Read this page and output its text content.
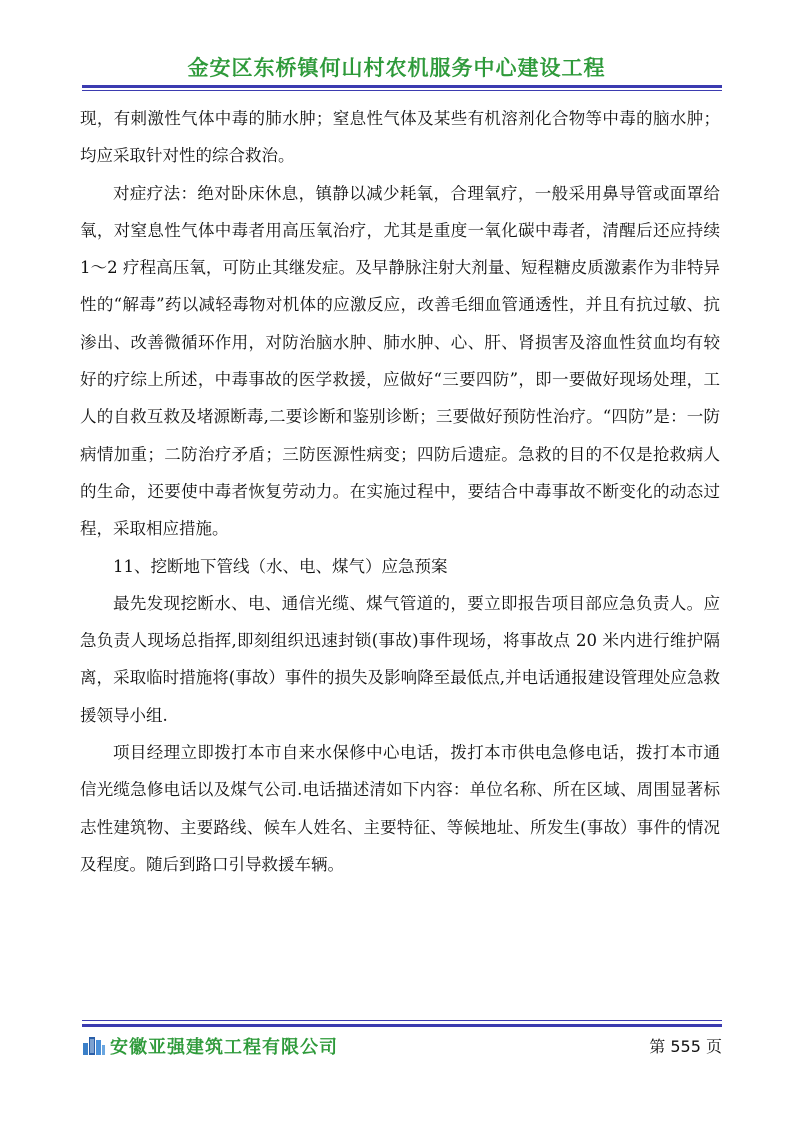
金安区东桥镇何山村农机服务中心建设工程

现，有刺激性气体中毒的肺水肿；窒息性气体及某些有机溶剂化合物等中毒的脑水肿；均应采取针对性的综合救治。

对症疗法：绝对卧床休息，镇静以减少耗氧，合理氧疗，一般采用鼻导管或面罩给氧，对窒息性气体中毒者用高压氧治疗，尤其是重度一氧化碳中毒者，清醒后还应持续 1～2 疗程高压氧，可防止其继发症。及早静脉注射大剂量、短程糖皮质激素作为非特异性的“解毒”药以减轻毒物对机体的应激反应，改善毛细血管通透性，并且有抗过敏、抗渗出、改善微循环作用，对防治脑水肿、肺水肿、心、肝、肾损害及溶血性贫血均有较好的疗综上所述，中毒事故的医学救援，应做好“三要四防”，即一要做好现场处理，工人的自救互救及堵源断毒,二要诊断和鉴别诊断；三要做好预防性治疗。“四防”是：一防病情加重；二防治疗矛盾；三防医源性病变；四防后遗症。急救的目的不仅是抢救病人的生命，还要使中毒者恢复劳动力。在实施过程中，要结合中毒事故不断变化的动态过程，采取相应措施。

11、挖断地下管线（水、电、煤气）应急预案

最先发现挖断水、电、通信光缆、煤气管道的，要立即报告项目部应急负责人。应急负责人现场总指挥,即刻组织迅速封锁(事故)事件现场，将事故点 20 米内进行维护隔离，采取临时措施将(事故）事件的损失及影响降至最低点,并电话通报建设管理处应急救援领导小组.

项目经理立即拨打本市自来水保修中心电话，拨打本市供电急修电话，拨打本市通信光缆急修电话以及煤气公司.电话描述清如下内容：单位名称、所在区域、周围显著标志性建筑物、主要路线、候车人姓名、主要特征、等候地址、所发生(事故）事件的情况及程度。随后到路口引导救援车辆。

安徽亚强建筑工程有限公司	第 555 页
